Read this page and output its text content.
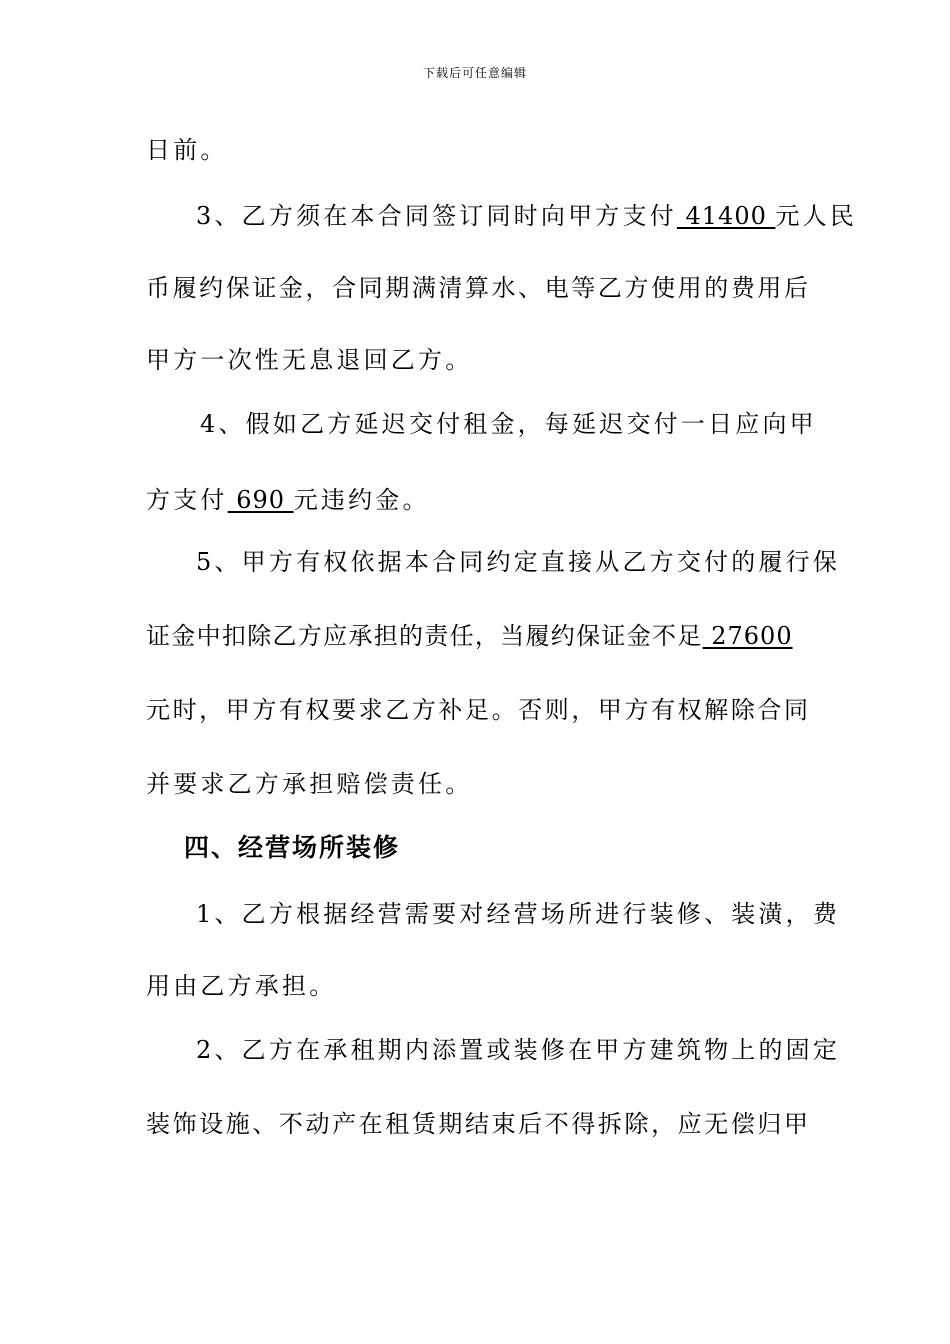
下载后可任意编辑
日前。
3、乙方须在本合同签订同时向甲方支付 41400 元人民
币履约保证金，合同期满清算水、电等乙方使用的费用后
甲方一次性无息退回乙方。
4、假如乙方延迟交付租金，每延迟交付一日应向甲
方支付 690 元违约金。
5、甲方有权依据本合同约定直接从乙方交付的履行保
证金中扣除乙方应承担的责任，当履约保证金不足 27600
元时，甲方有权要求乙方补足。否则，甲方有权解除合同
并要求乙方承担赔偿责任。
四、经营场所装修
1、乙方根据经营需要对经营场所进行装修、装潢，费
用由乙方承担。
2、乙方在承租期内添置或装修在甲方建筑物上的固定
装饰设施、不动产在租赁期结束后不得拆除，应无偿归甲
